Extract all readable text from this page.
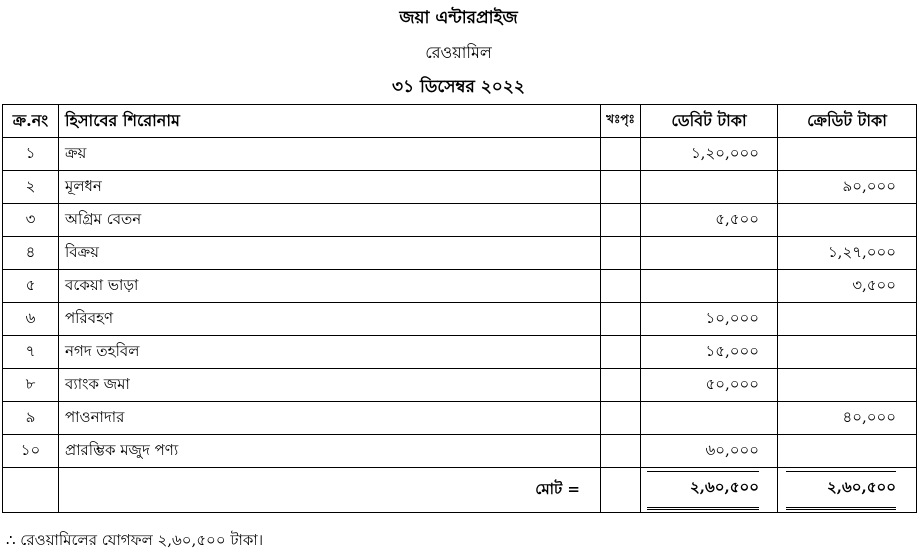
জয়া এন্টারপ্রাইজ
রেওয়ামিল
৩১ ডিসেম্বর ২০২২
ক্র.নং	হিসাবের শিরোনাম	খঃপৃঃ	ডেবিট টাকা	ক্রেডিট টাকা
১	ক্রয়		১,২০,০০০	
২	মূলধন			৯০,০০০
৩	অগ্রিম বেতন		৫,৫০০	
৪	বিক্রয়			১,২৭,০০০
৫	বকেয়া ভাড়া			৩,৫০০
৬	পরিবহণ		১০,০০০	
৭	নগদ তহবিল		১৫,০০০	
৮	ব্যাংক জমা		৫০,০০০	
৯	পাওনাদার			৪০,০০০
১০	প্রারম্ভিক মজুদ পণ্য		৬০,০০০	
	মোট =		২,৬০,৫০০	২,৬০,৫০০
∴ রেওয়ামিলের যোগফল ২,৬০,৫০০ টাকা।
